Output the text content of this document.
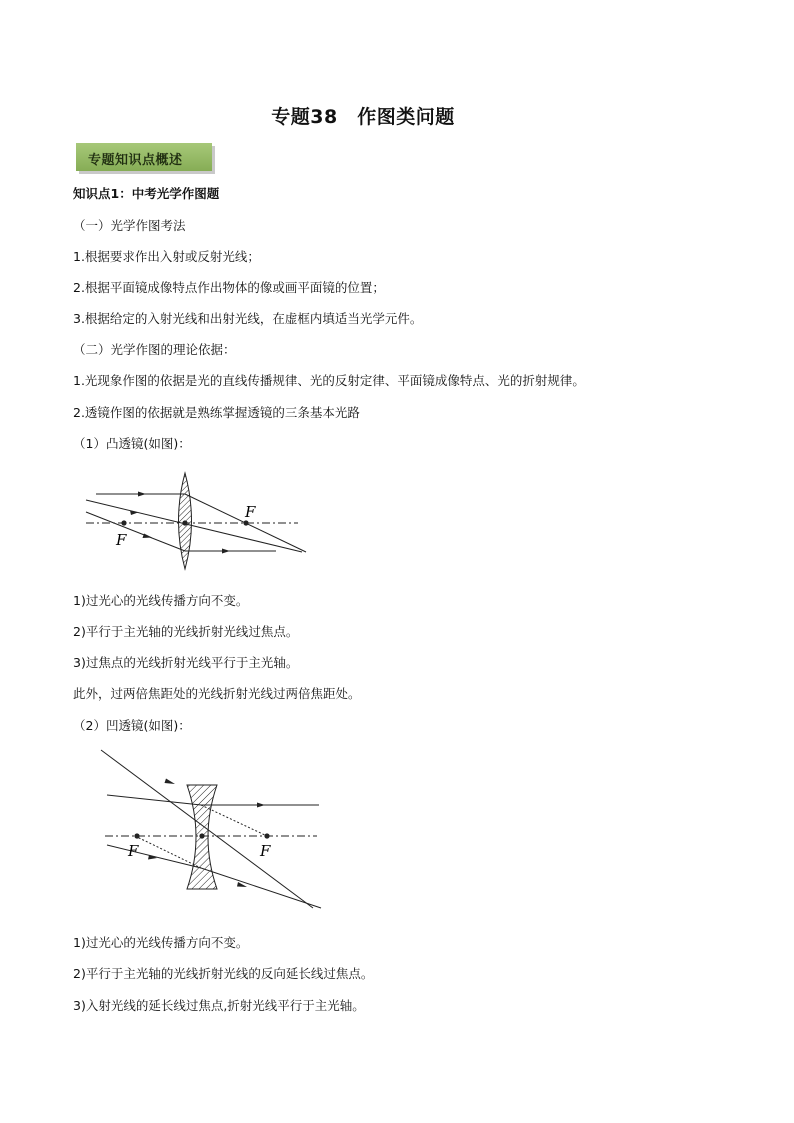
专题38　作图类问题
专题知识点概述
知识点1：中考光学作图题
（一）光学作图考法
1.根据要求作出入射或反射光线；
2.根据平面镜成像特点作出物体的像或画平面镜的位置；
3.根据给定的入射光线和出射光线，在虚框内填适当光学元件。
（二）光学作图的理论依据：
1.光现象作图的依据是光的直线传播规律、光的反射定律、平面镜成像特点、光的折射规律。
2.透镜作图的依据就是熟练掌握透镜的三条基本光路
（1）凸透镜(如图)：
F
F
1)过光心的光线传播方向不变。
2)平行于主光轴的光线折射光线过焦点。
3)过焦点的光线折射光线平行于主光轴。
此外，过两倍焦距处的光线折射光线过两倍焦距处。
（2）凹透镜(如图)：
F	F
1)过光心的光线传播方向不变。
2)平行于主光轴的光线折射光线的反向延长线过焦点。
3)入射光线的延长线过焦点,折射光线平行于主光轴。
